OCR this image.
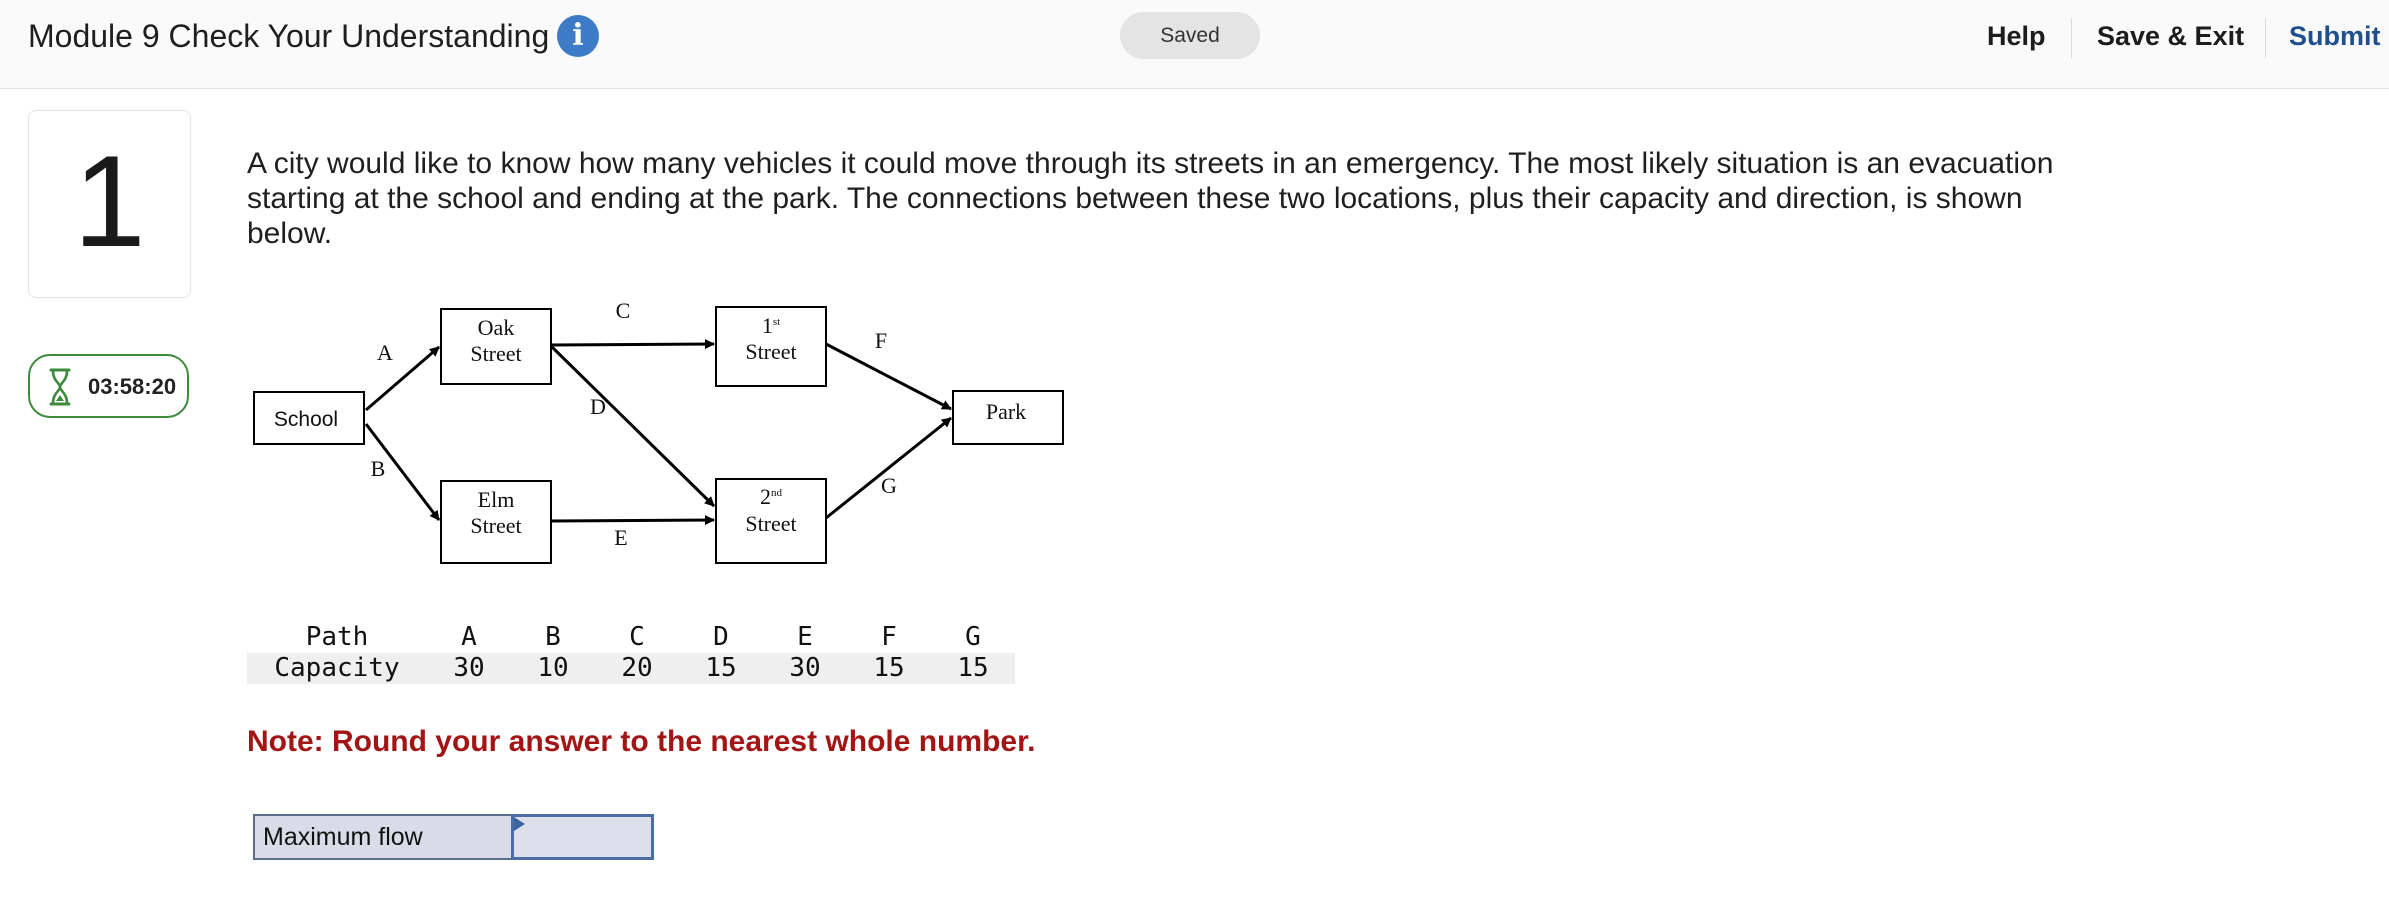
Module 9 Check Your Understanding i	Saved	Help Save & Exit Submit
1
03:58:20
A city would like to know how many vehicles it could move through its streets in an emergency. The most likely situation is an evacuation starting at the school and ending at the park. The connections between these two locations, plus their capacity and direction, is shown below.
School
Oak
Street
Elm
Street
1st
Street
2nd
Street
Park
A
B
C
D
E
F
G
Path	A	B	C	D	E	F	G
Capacity	30	10	20	15	30	15	15
Note: Round your answer to the nearest whole number.
Maximum flow
